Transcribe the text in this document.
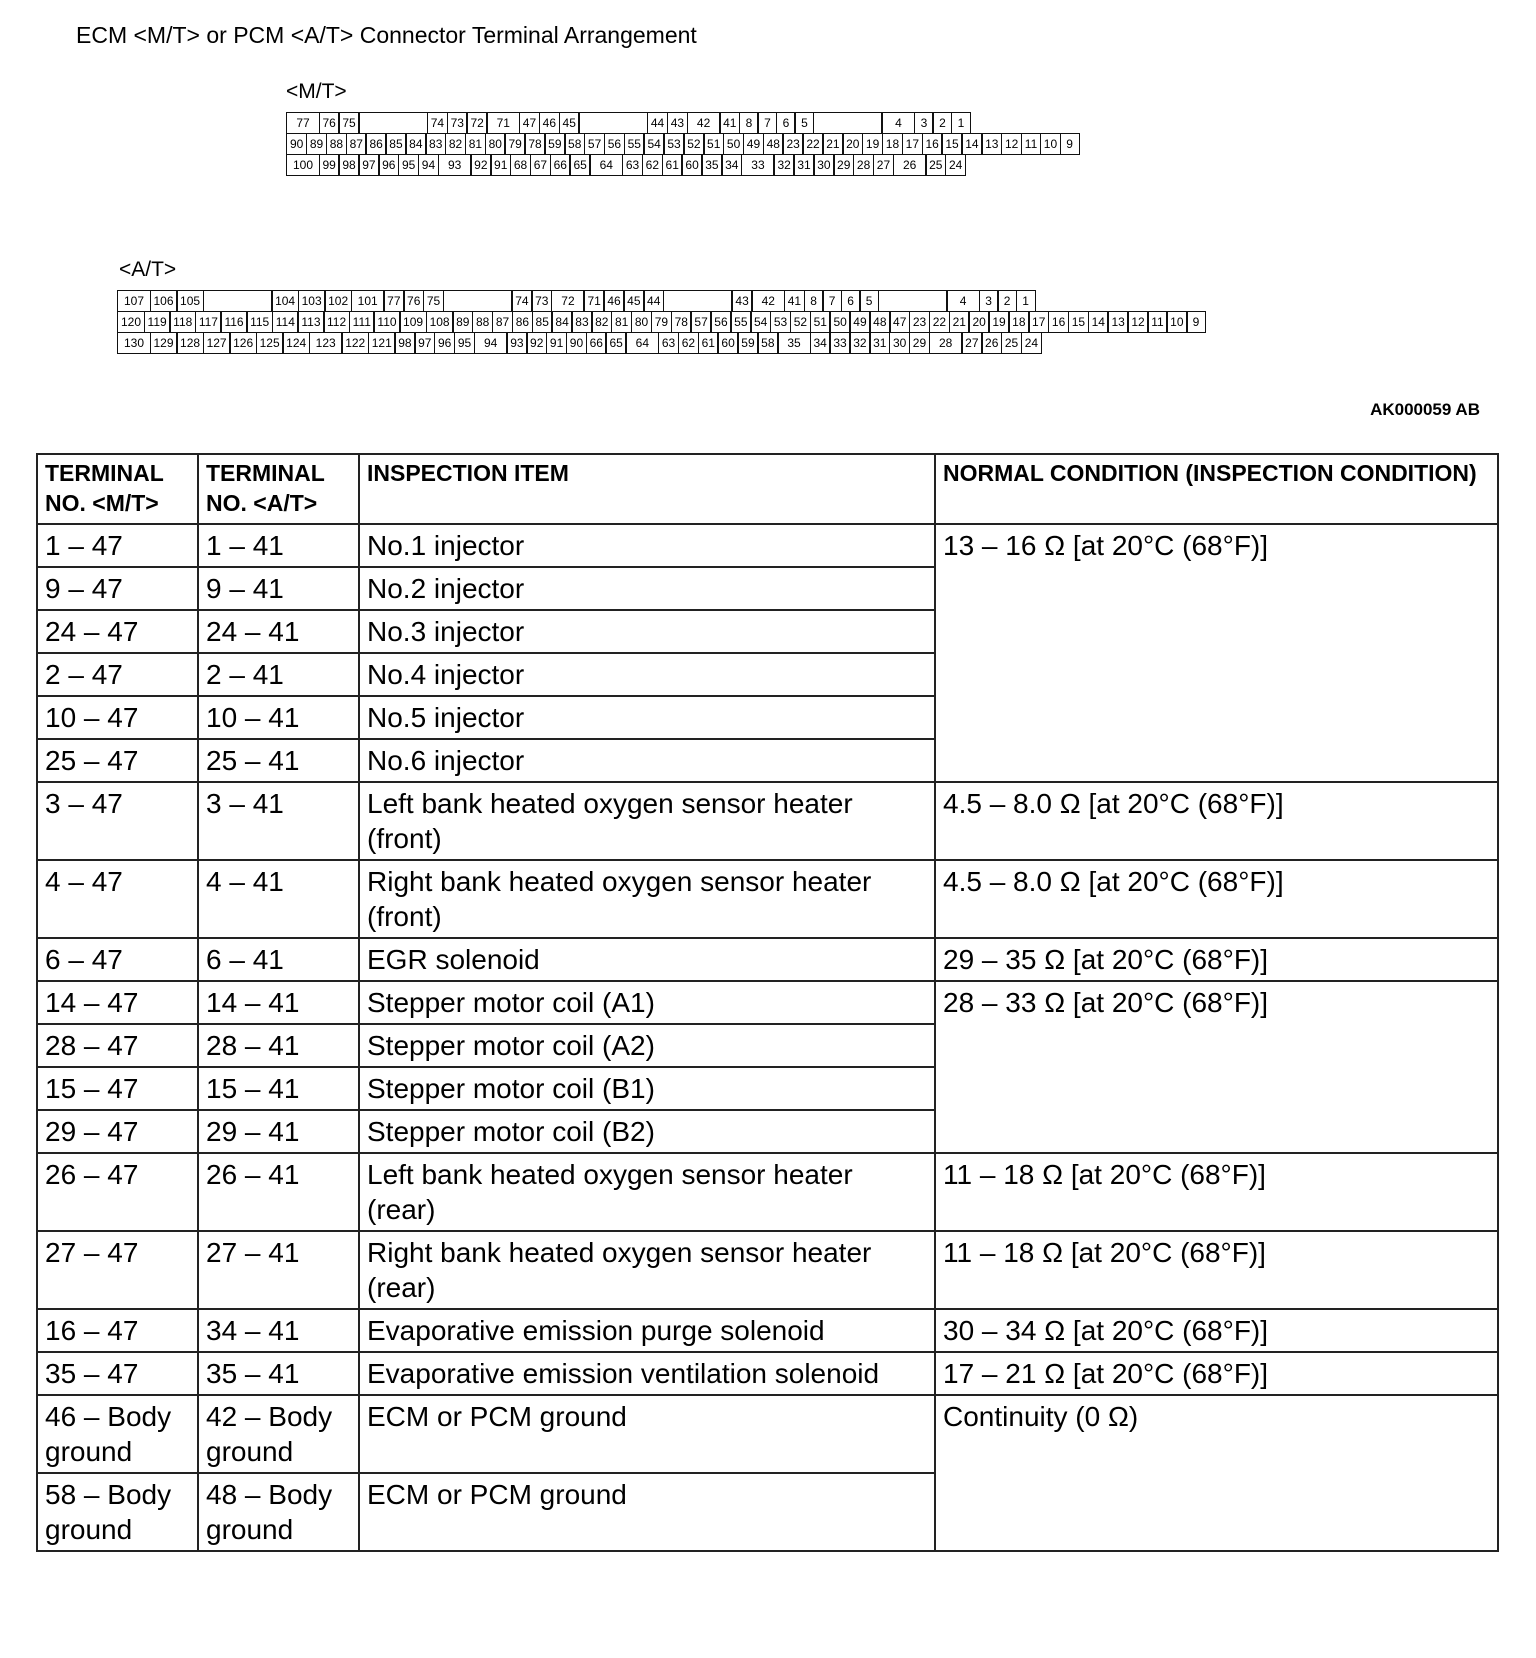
ECM <M/T> or PCM <A/T> Connector Terminal Arrangement
<M/T>
<A/T>
77	76 75	74 73 72	71	47 46 45	44 43	42	41 8 7 6 5	4	3 2 1
90 89 88 87 86 85 84 83 82 81 80 79 78 59 58 57 56 55 54 53 52 51 50 49 48 23 22 21 20 19 18 17 16 15 14 13 12 11 10 9
100 99 98 97 96 95 94	93	92 91 68 67 66 65	64	63 62 61 60 35 34	33	32 31 30 29 28 27	26	25 24
107 106 105	104 103 102 101 77 76 75	74 73	72	71 46 45 44	43	42	41 8 7 6 5	4	3 2 1
120 119 118 117 116 115 114 113 112 111 110 109 108 89 88 87 86 85 84 83 82 81 80 79 78 57 56 55 54 53 52 51 50 49 48 47 23 22 21 20 19 18 17 16 15 14 13 12 11 10 9
130 129 128 127 126 125 124 123 122 121 98 97 96 95	94	93 92 91 90 66 65	64	63 62 61 60 59 58	35	34 33 32 31 30 29	28	27 26 25 24
AK000059 AB
TERMINAL NO. <M/T>	TERMINAL NO. <A/T>	INSPECTION ITEM	NORMAL CONDITION (INSPECTION CONDITION)
1 – 47	1 – 41	No.1 injector	13 – 16 Ω [at 20°C (68°F)]
9 – 47	9 – 41	No.2 injector	
24 – 47	24 – 41	No.3 injector	
2 – 47	2 – 41	No.4 injector	
10 – 47	10 – 41	No.5 injector	
25 – 47	25 – 41	No.6 injector	
3 – 47	3 – 41	Left bank heated oxygen sensor heater (front)	4.5 – 8.0 Ω [at 20°C (68°F)]
4 – 47	4 – 41	Right bank heated oxygen sensor heater (front)	4.5 – 8.0 Ω [at 20°C (68°F)]
6 – 47	6 – 41	EGR solenoid	29 – 35 Ω [at 20°C (68°F)]
14 – 47	14 – 41	Stepper motor coil (A1)	28 – 33 Ω [at 20°C (68°F)]
28 – 47	28 – 41	Stepper motor coil (A2)	
15 – 47	15 – 41	Stepper motor coil (B1)	
29 – 47	29 – 41	Stepper motor coil (B2)	
26 – 47	26 – 41	Left bank heated oxygen sensor heater (rear)	11 – 18 Ω [at 20°C (68°F)]
27 – 47	27 – 41	Right bank heated oxygen sensor heater (rear)	11 – 18 Ω [at 20°C (68°F)]
16 – 47	34 – 41	Evaporative emission purge solenoid	30 – 34 Ω [at 20°C (68°F)]
35 – 47	35 – 41	Evaporative emission ventilation solenoid	17 – 21 Ω [at 20°C (68°F)]
46 – Body ground	42 – Body ground	ECM or PCM ground	Continuity (0 Ω)
58 – Body ground	48 – Body ground	ECM or PCM ground	
